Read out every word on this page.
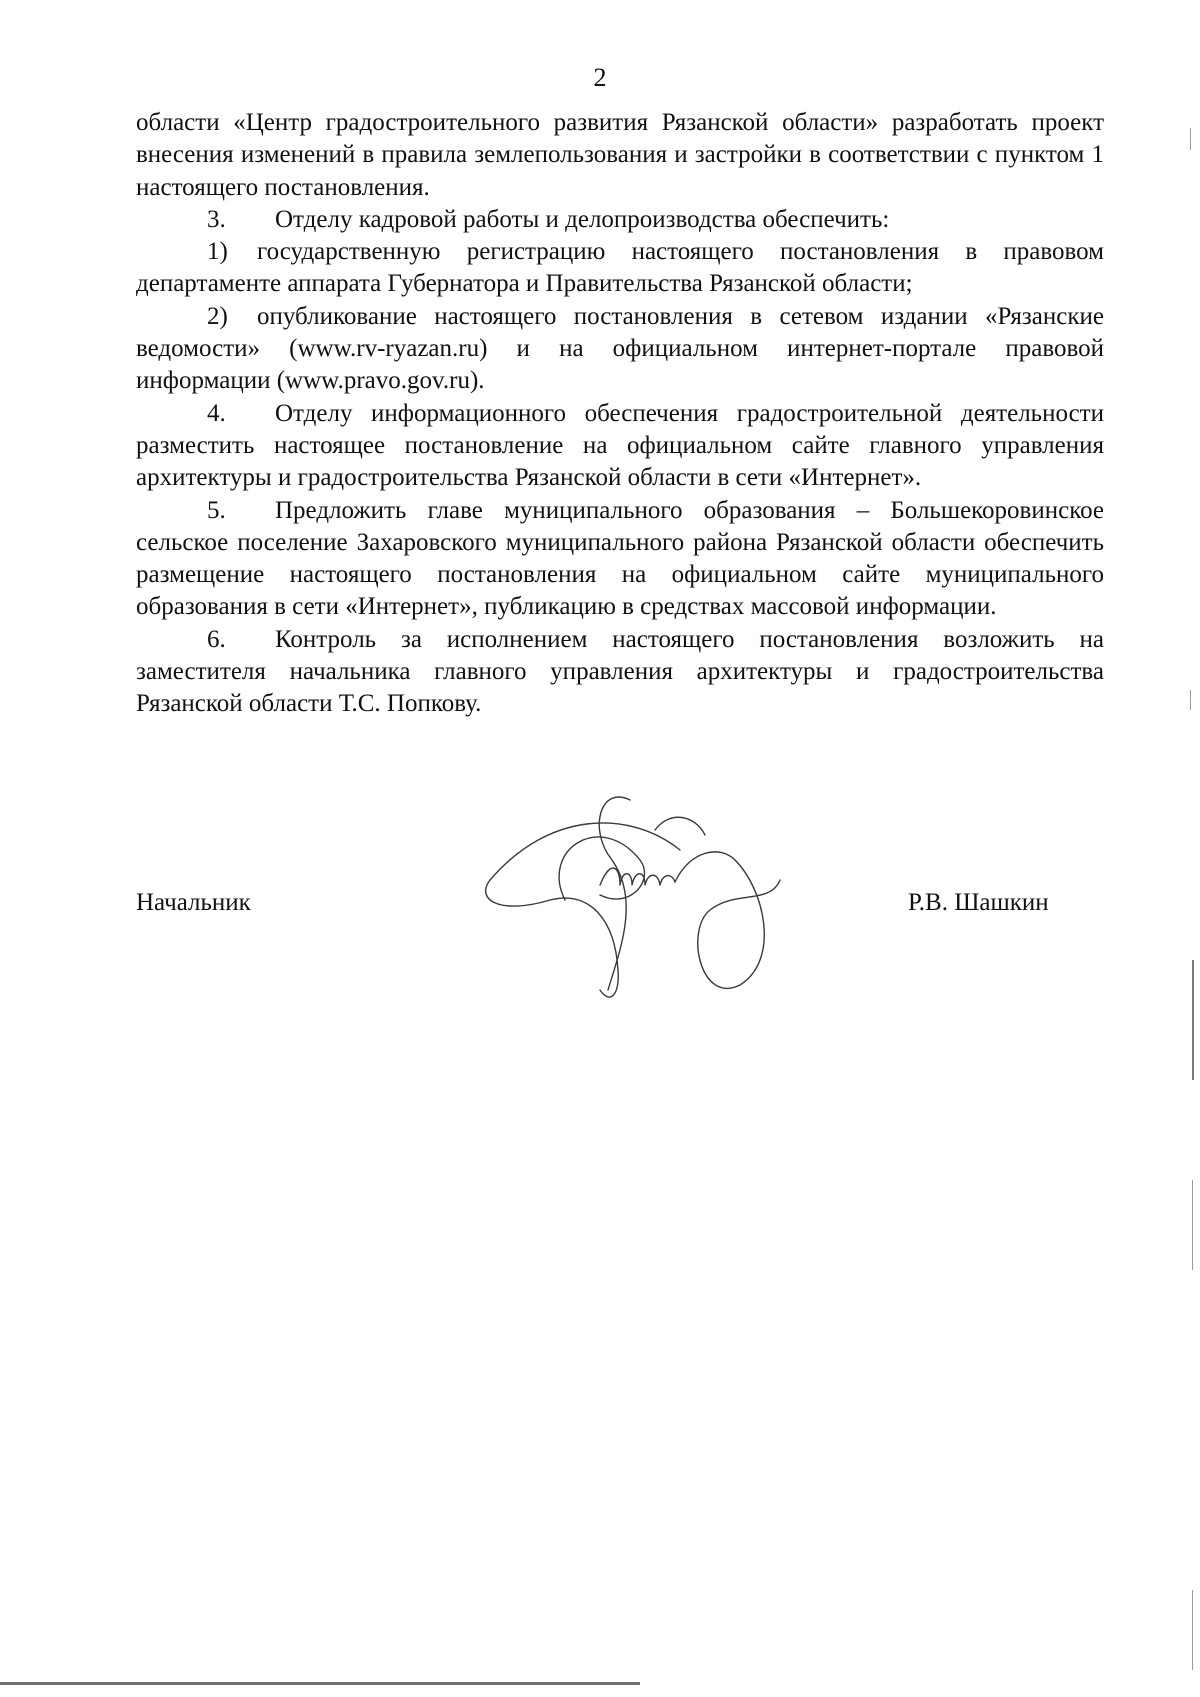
2

области «Центр градостроительного развития Рязанской области» разработать проект внесения изменений в правила землепользования и застройки в соответствии с пунктом 1 настоящего постановления.

3. Отделу кадровой работы и делопроизводства обеспечить:

1) государственную регистрацию настоящего постановления в правовом департаменте аппарата Губернатора и Правительства Рязанской области;

2) опубликование настоящего постановления в сетевом издании «Рязанские ведомости» (www.rv-ryazan.ru) и на официальном интернет-портале правовой информации (www.pravo.gov.ru).

4. Отделу информационного обеспечения градостроительной деятельности разместить настоящее постановление на официальном сайте главного управления архитектуры и градостроительства Рязанской области в сети «Интернет».

5. Предложить главе муниципального образования – Большекоровинское сельское поселение Захаровского муниципального района Рязанской области обеспечить размещение настоящего постановления на официальном сайте муниципального образования в сети «Интернет», публикацию в средствах массовой информации.

6. Контроль за исполнением настоящего постановления возложить на заместителя начальника главного управления архитектуры и градостроительства Рязанской области Т.С. Попкову.

Начальник	Р.В. Шашкин
